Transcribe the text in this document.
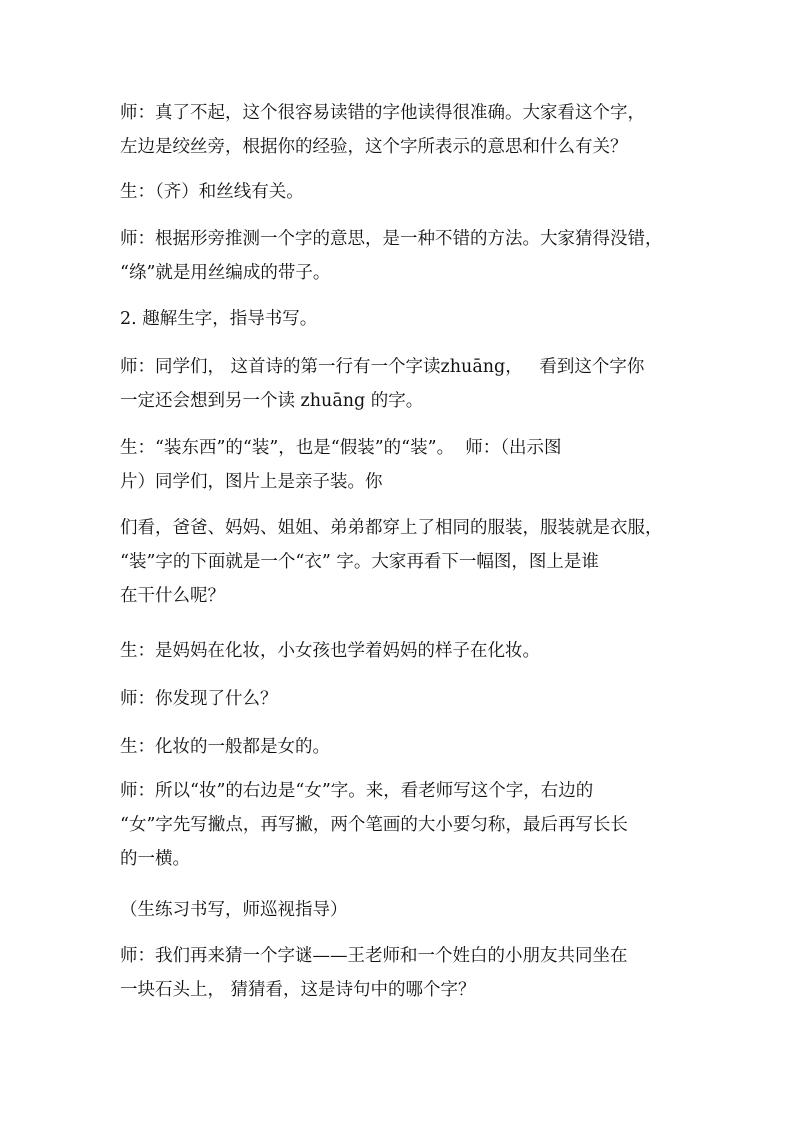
师：真了不起，这个很容易读错的字他读得很准确。大家看这个字，
左边是绞丝旁，根据你的经验，这个字所表示的意思和什么有关？
生：（齐）和丝线有关。
师：根据形旁推测一个字的意思，是一种不错的方法。大家猜得没错，
“绦”就是用丝编成的带子。
2. 趣解生字，指导书写。
师：同学们， 这首诗的第一行有一个字读zhuāng，   看到这个字你
一定还会想到另一个读 zhuāng 的字。
生：“装东西”的“装”，也是“假装”的“装”。  师：（出示图
片）同学们，图片上是亲子装。你
们看，爸爸、妈妈、姐姐、弟弟都穿上了相同的服装，服装就是衣服，
“装”字的下面就是一个“衣” 字。大家再看下一幅图，图上是谁
在干什么呢？
生：是妈妈在化妆，小女孩也学着妈妈的样子在化妆。
师：你发现了什么？
生：化妆的一般都是女的。
师：所以“妆”的右边是“女”字。来，看老师写这个字，右边的
“女”字先写撇点，再写撇，两个笔画的大小要匀称，最后再写长长
的一横。
（生练习书写，师巡视指导）
师：我们再来猜一个字谜——王老师和一个姓白的小朋友共同坐在
一块石头上， 猜猜看，这是诗句中的哪个字？
